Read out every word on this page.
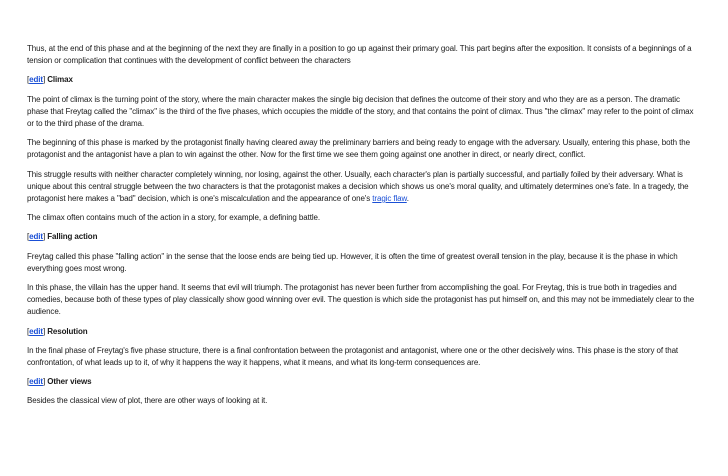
Thus, at the end of this phase and at the beginning of the next they are finally in a position to go up against their primary goal. This part begins after the exposition. It consists of a beginnings of a tension or complication that continues with the development of conflict between the characters

[edit] Climax

The point of climax is the turning point of the story, where the main character makes the single big decision that defines the outcome of their story and who they are as a person. The dramatic phase that Freytag called the "climax" is the third of the five phases, which occupies the middle of the story, and that contains the point of climax. Thus "the climax" may refer to the point of climax or to the third phase of the drama.

The beginning of this phase is marked by the protagonist finally having cleared away the preliminary barriers and being ready to engage with the adversary. Usually, entering this phase, both the protagonist and the antagonist have a plan to win against the other. Now for the first time we see them going against one another in direct, or nearly direct, conflict.

This struggle results with neither character completely winning, nor losing, against the other. Usually, each character's plan is partially successful, and partially foiled by their adversary. What is unique about this central struggle between the two characters is that the protagonist makes a decision which shows us one's moral quality, and ultimately determines one's fate. In a tragedy, the protagonist here makes a "bad" decision, which is one's miscalculation and the appearance of one's tragic flaw.

The climax often contains much of the action in a story, for example, a defining battle.

[edit] Falling action

Freytag called this phase "falling action" in the sense that the loose ends are being tied up. However, it is often the time of greatest overall tension in the play, because it is the phase in which everything goes most wrong.

In this phase, the villain has the upper hand. It seems that evil will triumph. The protagonist has never been further from accomplishing the goal. For Freytag, this is true both in tragedies and comedies, because both of these types of play classically show good winning over evil. The question is which side the protagonist has put himself on, and this may not be immediately clear to the audience.

[edit] Resolution

In the final phase of Freytag's five phase structure, there is a final confrontation between the protagonist and antagonist, where one or the other decisively wins. This phase is the story of that confrontation, of what leads up to it, of why it happens the way it happens, what it means, and what its long-term consequences are.

[edit] Other views

Besides the classical view of plot, there are other ways of looking at it.
